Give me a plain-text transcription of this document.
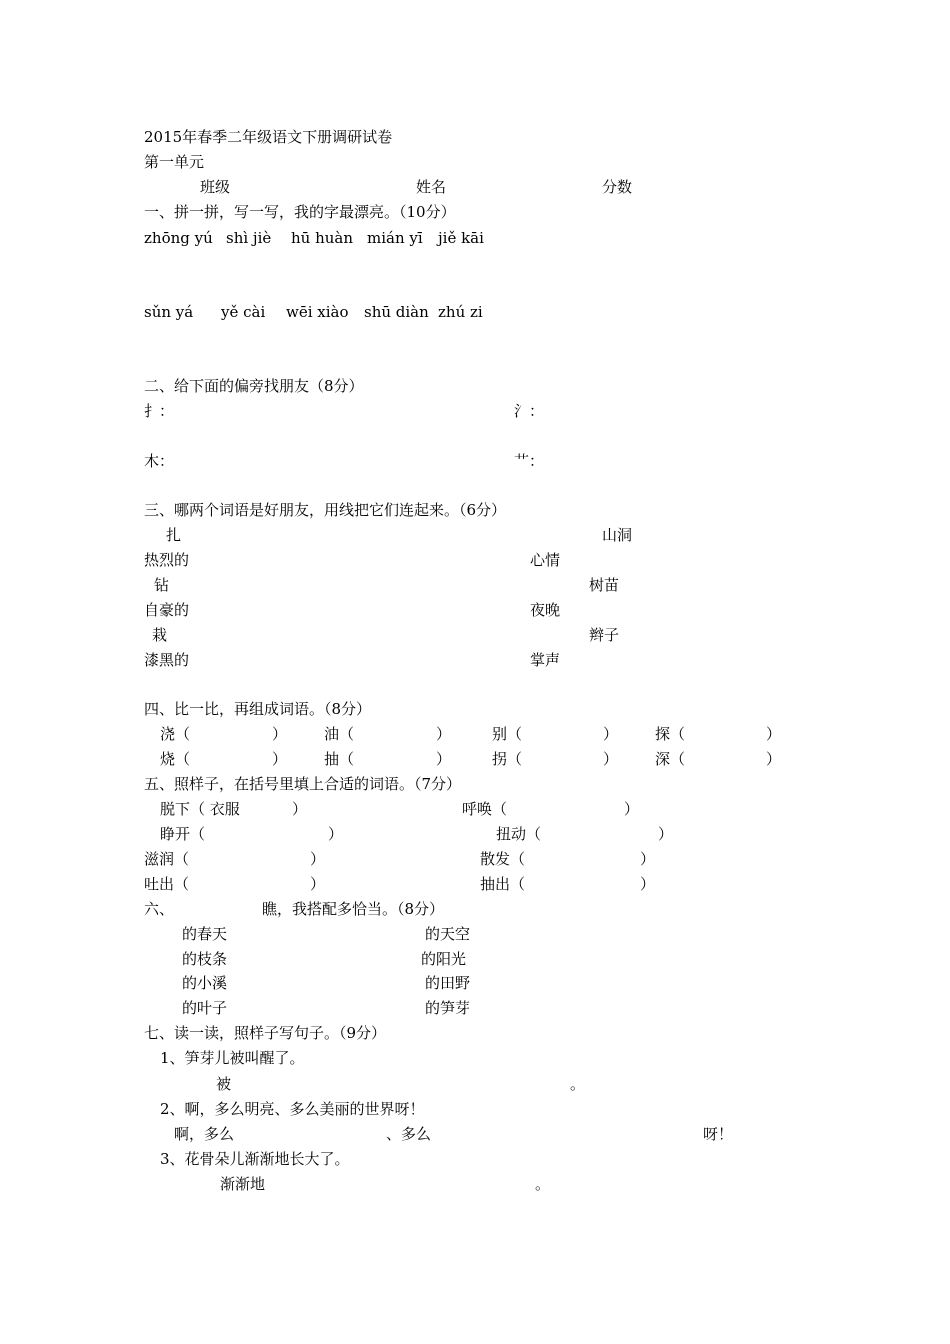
2015年春季二年级语文下册调研试卷
第一单元
班级	姓名	分数
一、拼一拼，写一写，我的字最漂亮。（10分）
zhōng yú shì jiè hū huàn mián yī jiě kāi
sǔn yá yě cài wēi xiào shū diàn zhú zi
二、给下面的偏旁找朋友（8分）
扌：	氵：
木：	艹：
三、哪两个词语是好朋友，用线把它们连起来。（6分）
扎	山洞
热烈的	心情
钻	树苗
自豪的	夜晚
栽	辫子
漆黑的	掌声
四、比一比，再组成词语。（8分）
浇（	） 油（	）	别（	） 探（	）
烧（	） 抽（	）	拐（	） 深（	）
五、照样子，在括号里填上合适的词语。（7分）
脱下（ 衣服	）	呼唤（	）
睁开（	）	扭动（	）
滋润（	）	散发（	）
吐出（	）	抽出（	）
六、	瞧，我搭配多恰当。（8分）
的春天	的天空
的枝条	的阳光
的小溪	的田野
的叶子	的笋芽
七、读一读，照样子写句子。（9分）
1、笋芽儿被叫醒了。
被	。
2、啊，多么明亮、多么美丽的世界呀！
啊，多么	、多么	呀！
3、花骨朵儿渐渐地长大了。
渐渐地	。
